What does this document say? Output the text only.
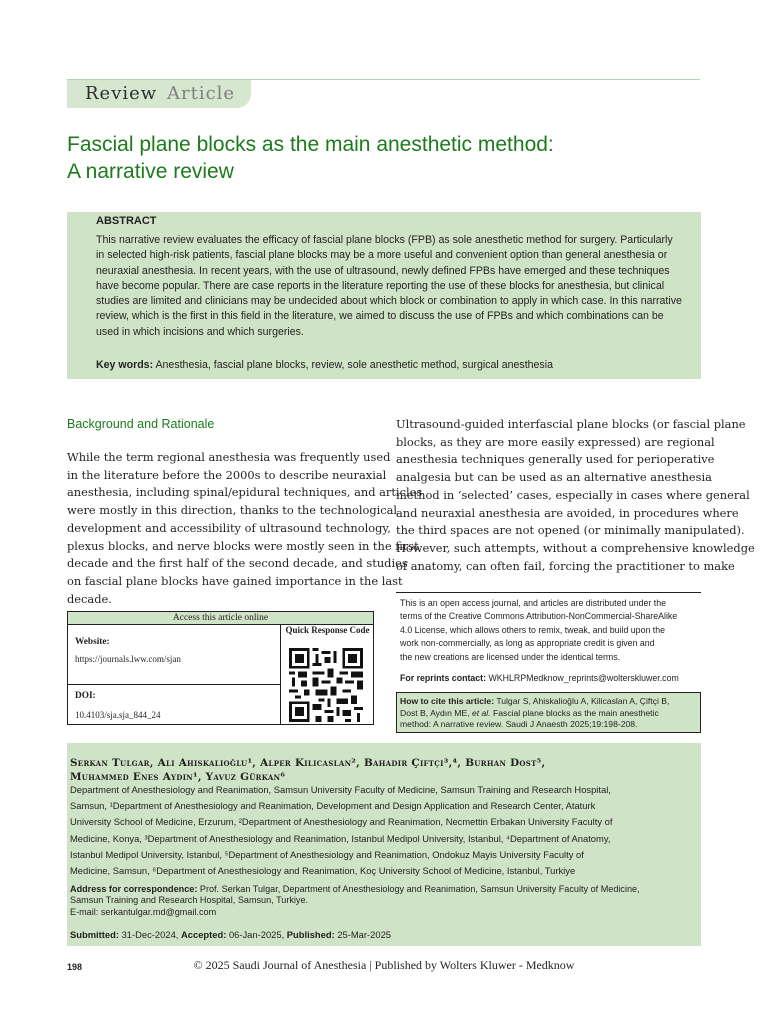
Review Article
Fascial plane blocks as the main anesthetic method:
A narrative review
ABSTRACT
This narrative review evaluates the efficacy of fascial plane blocks (FPB) as sole anesthetic method for surgery. Particularly
in selected high-risk patients, fascial plane blocks may be a more useful and convenient option than general anesthesia or
neuraxial anesthesia. In recent years, with the use of ultrasound, newly defined FPBs have emerged and these techniques
have become popular. There are case reports in the literature reporting the use of these blocks for anesthesia, but clinical
studies are limited and clinicians may be undecided about which block or combination to apply in which case. In this narrative
review, which is the first in this field in the literature, we aimed to discuss the use of FPBs and which combinations can be
used in which incisions and which surgeries.
Key words: Anesthesia, fascial plane blocks, review, sole anesthetic method, surgical anesthesia
Background and Rationale
While the term regional anesthesia was frequently used
in the literature before the 2000s to describe neuraxial
anesthesia, including spinal/epidural techniques, and articles
were mostly in this direction, thanks to the technological
development and accessibility of ultrasound technology,
plexus blocks, and nerve blocks were mostly seen in the first
decade and the first half of the second decade, and studies
on fascial plane blocks have gained importance in the last
decade.
Ultrasound-guided interfascial plane blocks (or fascial plane
blocks, as they are more easily expressed) are regional
anesthesia techniques generally used for perioperative
analgesia but can be used as an alternative anesthesia
method in ‘selected’ cases, especially in cases where general
and neuraxial anesthesia are avoided, in procedures where
the third spaces are not opened (or minimally manipulated).
However, such attempts, without a comprehensive knowledge
of anatomy, can often fail, forcing the practitioner to make
Access this article online
Quick Response Code
Website:
https://journals.lww.com/sjan
DOI:
10.4103/sja.sja_844_24
This is an open access journal, and articles are distributed under the
terms of the Creative Commons Attribution-NonCommercial-ShareAlike
4.0 License, which allows others to remix, tweak, and build upon the
work non-commercially, as long as appropriate credit is given and
the new creations are licensed under the identical terms.
For reprints contact: WKHLRPMedknow_reprints@wolterskluwer.com
How to cite this article: Tulgar S, Ahiskalioğlu A, Kilicaslan A, Çiftçi B,
Dost B, Aydın ME, et al. Fascial plane blocks as the main anesthetic
method: A narrative review. Saudi J Anaesth 2025;19:198-208.
Serkan Tulgar, Ali Ahiskalioğlu¹, Alper Kilicaslan², Bahadir Çiftçi³,⁴, Burhan Dost⁵,
Muhammed Enes Aydin¹, Yavuz Gürkan⁶
Department of Anesthesiology and Reanimation, Samsun University Faculty of Medicine, Samsun Training and Research Hospital,
Samsun, ¹Department of Anesthesiology and Reanimation, Development and Design Application and Research Center, Ataturk
University School of Medicine, Erzurum, ²Department of Anesthesiology and Reanimation, Necmettin Erbakan University Faculty of
Medicine, Konya, ³Department of Anesthesiology and Reanimation, Istanbul Medipol University, Istanbul, ⁴Department of Anatomy,
Istanbul Medipol University, Istanbul, ⁵Department of Anesthesiology and Reanimation, Ondokuz Mayis University Faculty of
Medicine, Samsun, ⁶Department of Anesthesiology and Reanimation, Koç University School of Medicine, Istanbul, Turkiye
Address for correspondence: Prof. Serkan Tulgar, Department of Anesthesiology and Reanimation, Samsun University Faculty of Medicine,
Samsun Training and Research Hospital, Samsun, Turkiye.
E-mail: serkantulgar.md@gmail.com
Submitted: 31-Dec-2024, Accepted: 06-Jan-2025, Published: 25-Mar-2025
198	© 2025 Saudi Journal of Anesthesia | Published by Wolters Kluwer - Medknow
